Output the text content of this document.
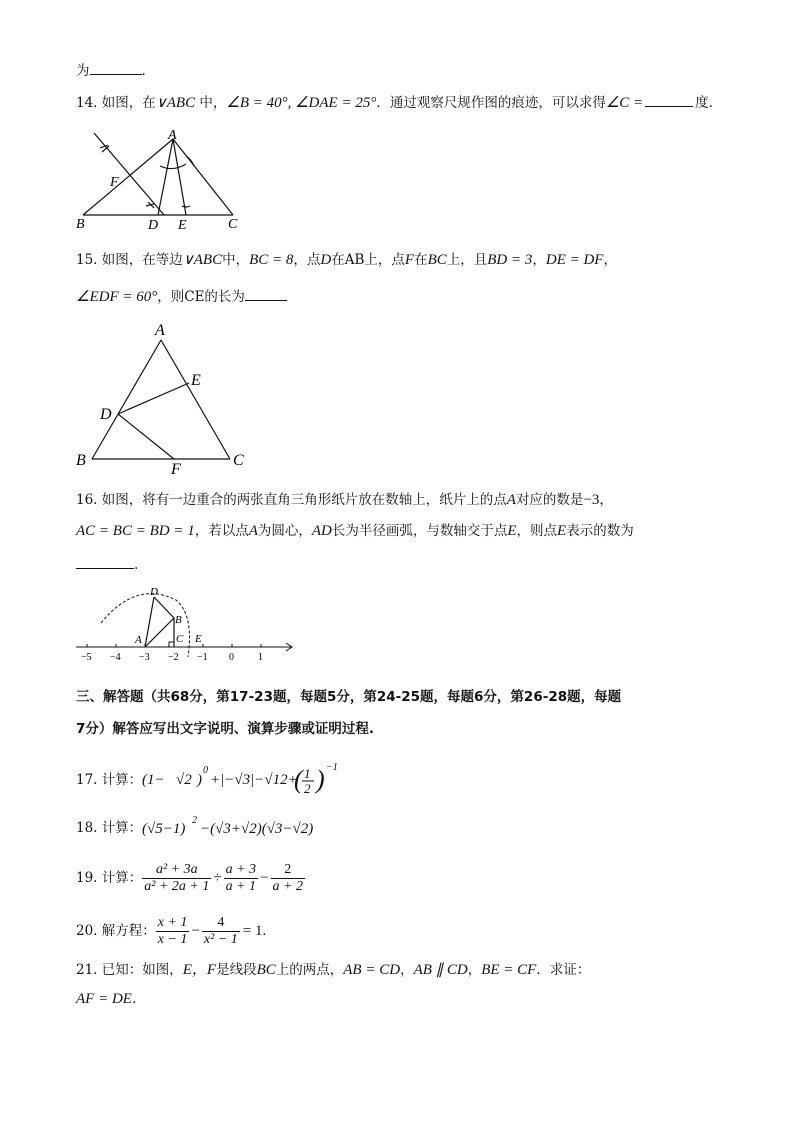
为	.
14. 如图，在∨ABC 中，∠B = 40°, ∠DAE = 25°．通过观察尺规作图的痕迹，可以求得∠C =	度.
A
B	C
D E
F
15. 如图，在等边∨ABC中，BC = 8，点D在AB上，点F在BC上，且BD = 3，DE = DF，
∠EDF = 60°，则CE的长为
A
E
D
B
F
C
16. 如图，将有一边重合的两张直角三角形纸片放在数轴上，纸片上的点A对应的数是−3，
AC = BC = BD = 1，若以点A为圆心，AD长为半径画弧，与数轴交于点E，则点E表示的数为
.
D
B
A	C E
−5 −4 −3 −2 −1 0 1
三、解答题（共68分，第17-23题，每题5分，第24-25题，每题6分，第26-28题，每题
7分）解答应写出文字说明、演算步骤或证明过程.
17. 计算： (1− √2 )
0
+|−√3|−√12+
( 1
2 ) −1
18. 计算： (√5−1)
2
−(√3+√2)(√3−√2)
19. 计算： $\frac{\text{a² + 3a}}{\text{a² + 2a + 1}} \div \frac{a + 3}{a + 1} - \frac{2}{a + 2}$
20. 解方程： $\frac{x + 1}{x - 1} - \frac{4}{\text{x² − 1}} = 1$.
21. 已知：如图，E，F是线段BC上的两点，AB = CD，AB ∥ CD，BE = CF．求证：
AF = DE.
